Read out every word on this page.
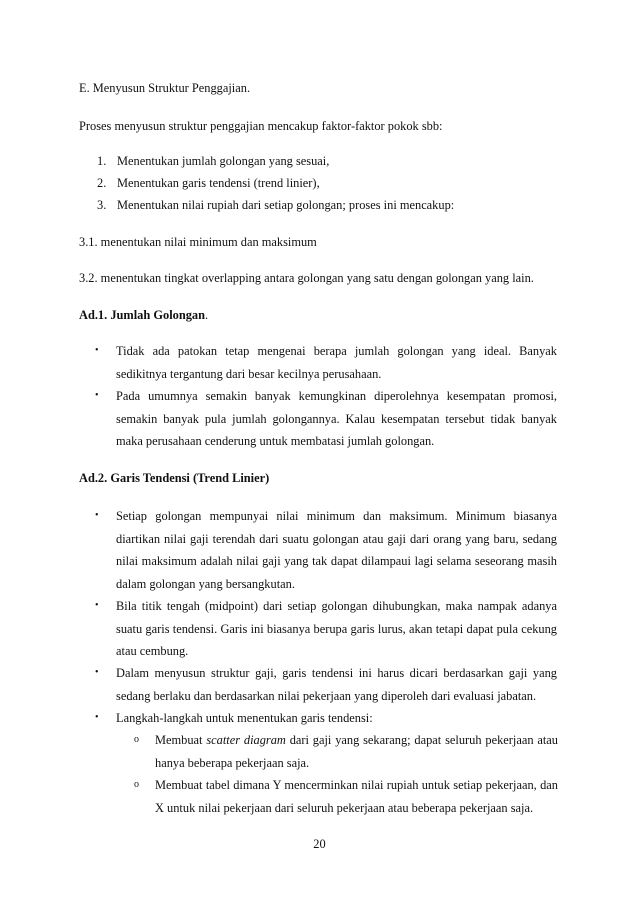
E. Menyusun Struktur Penggajian.
Proses menyusun struktur penggajian mencakup faktor-faktor pokok sbb:
1. Menentukan jumlah golongan yang sesuai,
2. Menentukan garis tendensi (trend linier),
3. Menentukan nilai rupiah dari setiap golongan; proses ini mencakup:
3.1. menentukan nilai minimum dan maksimum
3.2. menentukan tingkat overlapping antara golongan yang satu dengan golongan yang lain.
Ad.1. Jumlah Golongan.
• Tidak ada patokan tetap mengenai berapa jumlah golongan yang ideal. Banyak sedikitnya tergantung dari besar kecilnya perusahaan.
• Pada umumnya semakin banyak kemungkinan diperolehnya kesempatan promosi, semakin banyak pula jumlah golongannya. Kalau kesempatan tersebut tidak banyak maka perusahaan cenderung untuk membatasi jumlah golongan.
Ad.2. Garis Tendensi (Trend Linier)
• Setiap golongan mempunyai nilai minimum dan maksimum. Minimum biasanya diartikan nilai gaji terendah dari suatu golongan atau gaji dari orang yang baru, sedang nilai maksimum adalah nilai gaji yang tak dapat dilampaui lagi selama seseorang masih dalam golongan yang bersangkutan.
• Bila titik tengah (midpoint) dari setiap golongan dihubungkan, maka nampak adanya suatu garis tendensi. Garis ini biasanya berupa garis lurus, akan tetapi dapat pula cekung atau cembung.
• Dalam menyusun struktur gaji, garis tendensi ini harus dicari berdasarkan gaji yang sedang berlaku dan berdasarkan nilai pekerjaan yang diperoleh dari evaluasi jabatan.
• Langkah-langkah untuk menentukan garis tendensi:
o Membuat scatter diagram dari gaji yang sekarang; dapat seluruh pekerjaan atau hanya beberapa pekerjaan saja.
o Membuat tabel dimana Y mencerminkan nilai rupiah untuk setiap pekerjaan, dan X untuk nilai pekerjaan dari seluruh pekerjaan atau beberapa pekerjaan saja.
20
